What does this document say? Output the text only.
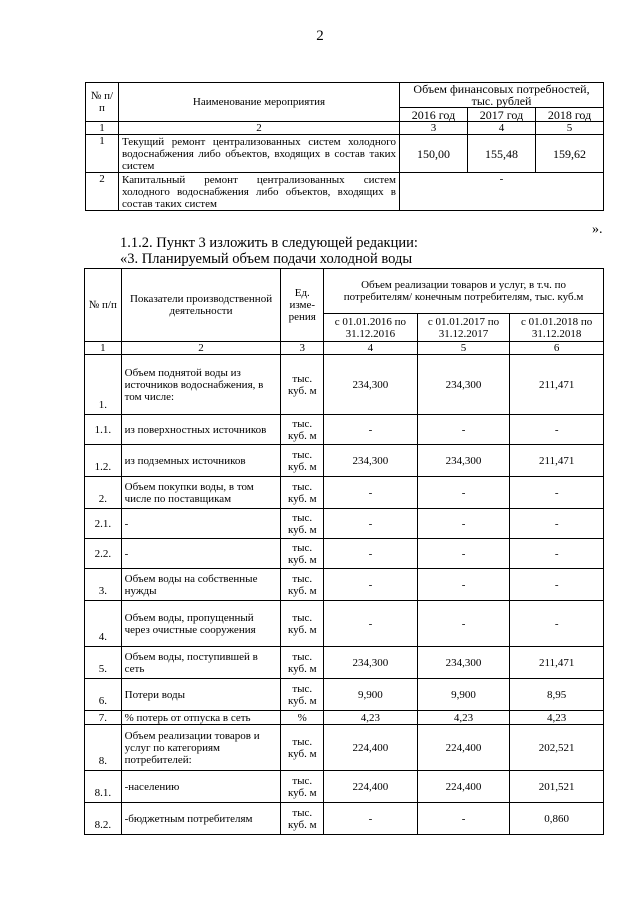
2
№ п/п	Наименование мероприятия	Объем финансовых потребностей, тыс. рублей		
		2016 год	2017 год	2018 год
1	2	3	4	5
1	Текущий ремонт централизованных систем холодного водоснабжения либо объектов, входящих в состав таких систем	150,00	155,48	159,62
2	Капитальный ремонт централизованных систем холодного водоснабжения либо объектов, входящих в состав таких систем	-		
».
1.1.2. Пункт 3 изложить в следующей редакции:
«3. Планируемый объем подачи холодной воды
№ п/п	Показатели производственной деятельности	Ед. изме-рения	Объем реализации товаров и услуг, в т.ч. по потребителям/ конечным потребителям, тыс. куб.м		
			с 01.01.2016 по 31.12.2016	с 01.01.2017 по 31.12.2017	с 01.01.2018 по 31.12.2018
1	2	3	4	5	6
1.	Объем поднятой воды из источников водоснабжения, в том числе:	тыс. куб. м	234,300	234,300	211,471
1.1.	из поверхностных источников	тыс. куб. м	-	-	-
1.2.	из подземных источников	тыс. куб. м	234,300	234,300	211,471
2.	Объем покупки воды, в том числе по поставщикам	тыс. куб. м	-	-	-
2.1.	-	тыс. куб. м	-	-	-
2.2.	-	тыс. куб. м	-	-	-
3.	Объем воды на собственные нужды	тыс. куб. м	-	-	-
4.	Объем воды, пропущенный через очистные сооружения	тыс. куб. м	-	-	-
5.	Объем воды, поступившей в сеть	тыс. куб. м	234,300	234,300	211,471
6.	Потери воды	тыс. куб. м	9,900	9,900	8,95
7.	% потерь от отпуска в сеть	%	4,23	4,23	4,23
8.	Объем реализации товаров и услуг по категориям потребителей:	тыс. куб. м	224,400	224,400	202,521
8.1.	-населению	тыс. куб. м	224,400	224,400	201,521
8.2.	-бюджетным потребителям	тыс. куб. м	-	-	0,860
